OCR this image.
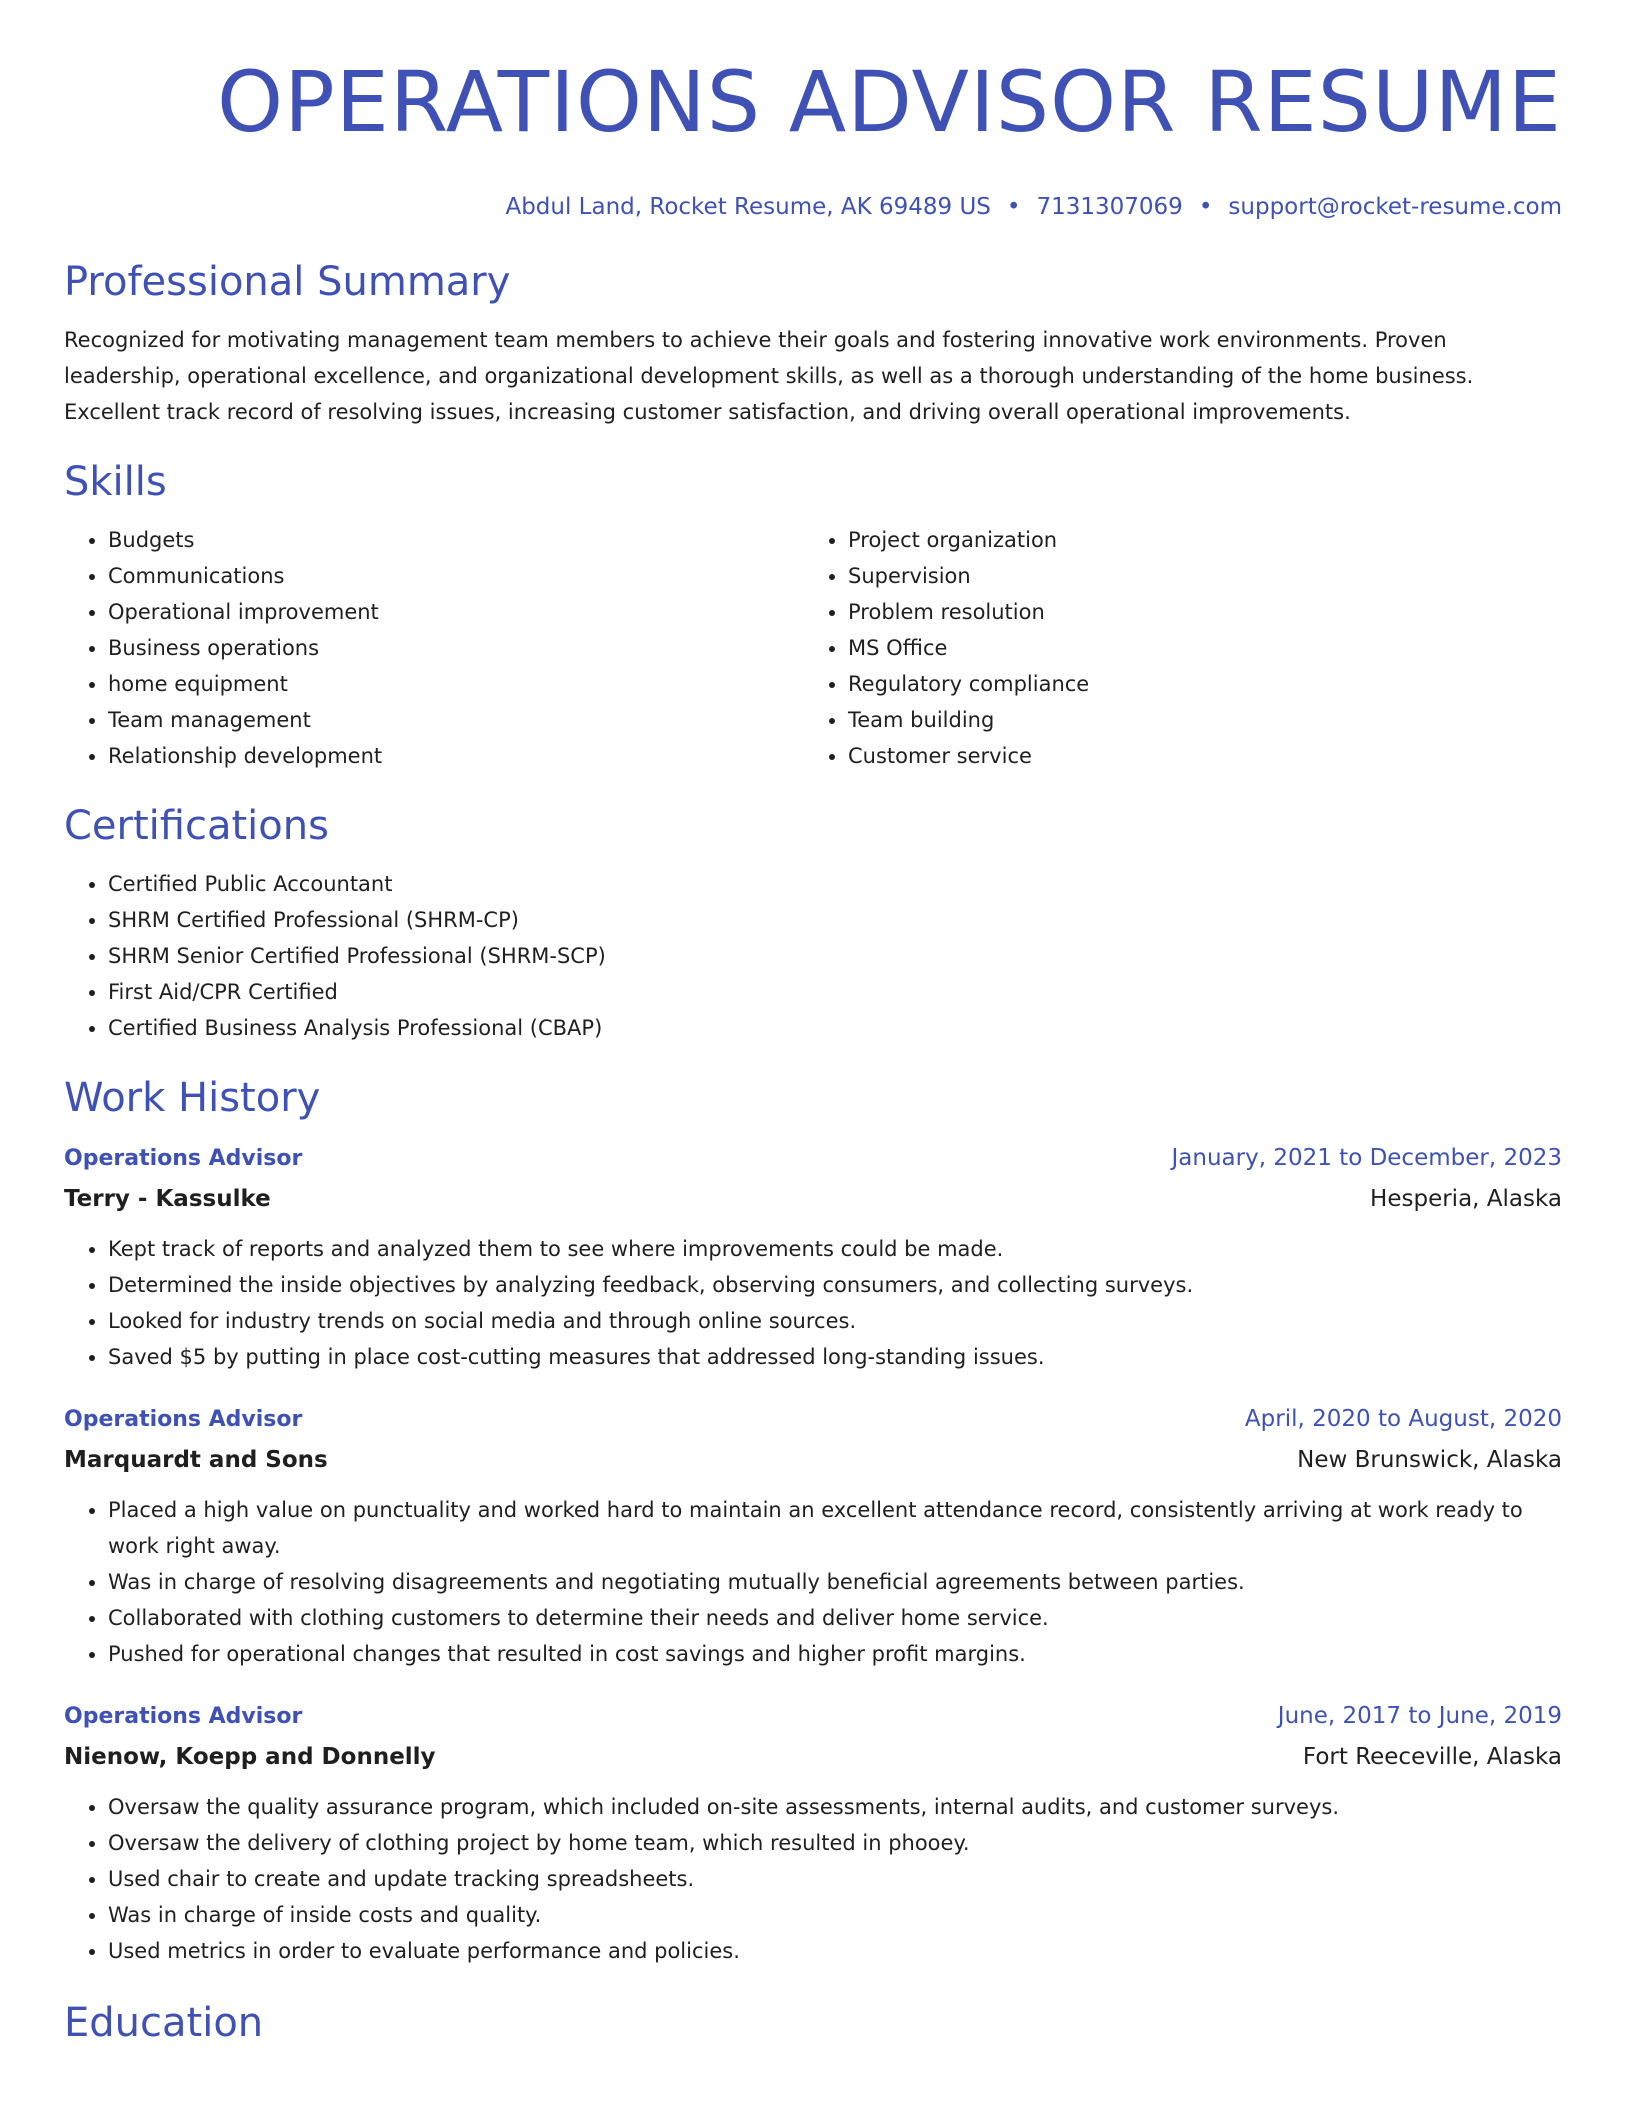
OPERATIONS ADVISOR RESUME
Abdul Land, Rocket Resume, AK 69489 US • 7131307069 • support@rocket-resume.com
Professional Summary

Recognized for motivating management team members to achieve their goals and fostering innovative work environments. Proven leadership, operational excellence, and organizational development skills, as well as a thorough understanding of the home business. Excellent track record of resolving issues, increasing customer satisfaction, and driving overall operational improvements.

Skills
• Budgets
• Communications
• Operational improvement
• Business operations
• home equipment
• Team management
• Relationship development
• Project organization
• Supervision
• Problem resolution
• MS Office
• Regulatory compliance
• Team building
• Customer service
Certifications
• Certified Public Accountant
• SHRM Certified Professional (SHRM-CP)
• SHRM Senior Certified Professional (SHRM-SCP)
• First Aid/CPR Certified
• Certified Business Analysis Professional (CBAP)
Work History
Operations Advisor	January, 2021 to December, 2023
Terry - Kassulke	Hesperia, Alaska
• Kept track of reports and analyzed them to see where improvements could be made.
• Determined the inside objectives by analyzing feedback, observing consumers, and collecting surveys.
• Looked for industry trends on social media and through online sources.
• Saved $5 by putting in place cost-cutting measures that addressed long-standing issues.
Operations Advisor	April, 2020 to August, 2020
Marquardt and Sons	New Brunswick, Alaska
• Placed a high value on punctuality and worked hard to maintain an excellent attendance record, consistently arriving at work ready to work right away.
• Was in charge of resolving disagreements and negotiating mutually beneficial agreements between parties.
• Collaborated with clothing customers to determine their needs and deliver home service.
• Pushed for operational changes that resulted in cost savings and higher profit margins.
Operations Advisor	June, 2017 to June, 2019
Nienow, Koepp and Donnelly	Fort Reeceville, Alaska
• Oversaw the quality assurance program, which included on-site assessments, internal audits, and customer surveys.
• Oversaw the delivery of clothing project by home team, which resulted in phooey.
• Used chair to create and update tracking spreadsheets.
• Was in charge of inside costs and quality.
• Used metrics in order to evaluate performance and policies.
Education
